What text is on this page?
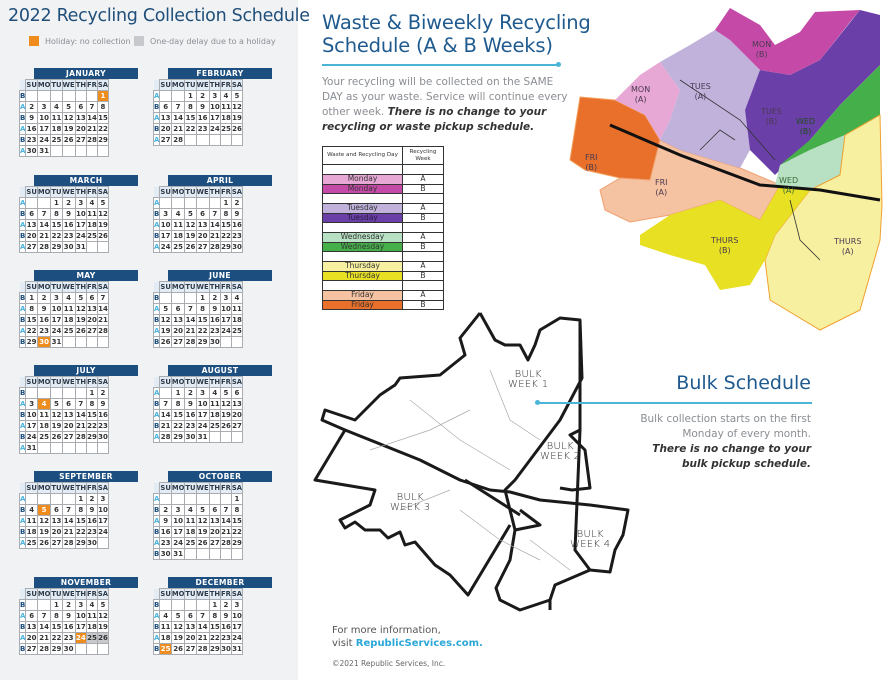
2022 Recycling Collection Schedule
Holiday: no collection One-day delay due to a holiday
JANUARY
	SU	MO	TU	WE	TH	FR	SA
B							1
A	2	3	4	5	6	7	8
B	9	10	11	12	13	14	15
A	16	17	18	19	20	21	22
B	23	24	25	26	27	28	29
A	30	31					
FEBRUARY
	SU	MO	TU	WE	TH	FR	SA
A			1	2	3	4	5
B	6	7	8	9	10	11	12
A	13	14	15	16	17	18	19
B	20	21	22	23	24	25	26
A	27	28					
MARCH
	SU	MO	TU	WE	TH	FR	SA
A			1	2	3	4	5
B	6	7	8	9	10	11	12
A	13	14	15	16	17	18	19
B	20	21	22	23	24	25	26
A	27	28	29	30	31		
APRIL
	SU	MO	TU	WE	TH	FR	SA
A						1	2
B	3	4	5	6	7	8	9
A	10	11	12	13	14	15	16
B	17	18	19	20	21	22	23
A	24	25	26	27	28	29	30
MAY
	SU	MO	TU	WE	TH	FR	SA
B	1	2	3	4	5	6	7
A	8	9	10	11	12	13	14
B	15	16	17	18	19	20	21
A	22	23	24	25	26	27	28
B	29	30	31				
JUNE
	SU	MO	TU	WE	TH	FR	SA
B				1	2	3	4
A	5	6	7	8	9	10	11
B	12	13	14	15	16	17	18
A	19	20	21	22	23	24	25
B	26	27	28	29	30		
JULY
	SU	MO	TU	WE	TH	FR	SA
B						1	2
A	3	4	5	6	7	8	9
B	10	11	12	13	14	15	16
A	17	18	19	20	21	22	23
B	24	25	26	27	28	29	30
A	31						
AUGUST
	SU	MO	TU	WE	TH	FR	SA
A		1	2	3	4	5	6
B	7	8	9	10	11	12	13
A	14	15	16	17	18	19	20
B	21	22	23	24	25	26	27
A	28	29	30	31			
SEPTEMBER
	SU	MO	TU	WE	TH	FR	SA
A					1	2	3
B	4	5	6	7	8	9	10
A	11	12	13	14	15	16	17
B	18	19	20	21	22	23	24
A	25	26	27	28	29	30	
OCTOBER
	SU	MO	TU	WE	TH	FR	SA
A							1
B	2	3	4	5	6	7	8
A	9	10	11	12	13	14	15
B	16	17	18	19	20	21	22
A	23	24	25	26	27	28	29
B	30	31					
NOVEMBER
	SU	MO	TU	WE	TH	FR	SA
B			1	2	3	4	5
A	6	7	8	9	10	11	12
B	13	14	15	16	17	18	19
A	20	21	22	23	24	25	26
B	27	28	29	30			
DECEMBER
	SU	MO	TU	WE	TH	FR	SA
B					1	2	3
A	4	5	6	7	8	9	10
B	11	12	13	14	15	16	17
A	18	19	20	21	22	23	24
B	25	26	27	28	29	30	31
Waste & Biweekly Recycling
Schedule (A & B Weeks)
Your recycling will be collected on the SAME DAY as your waste. Service will continue every other week. There is no change to your recycling or waste pickup schedule.
Waste and Recycling Day	Recycling Week

Monday	A
Monday	B

Tuesday	A
Tuesday	B

Wednesday	A
Wednesday	B

Thursday	A
Thursday	B

Friday	A
Friday	B
MON
(B)
MON
(A)
TUES
(A)
TUES
(B)	WED
(B)
WED
(A)
FRI
(B)
FRI
(A)
THURS
(B)
THURS
(A)
BULK
WEEK 1
BULK
WEEK 2
BULK
WEEK 3
BULK
WEEK 4
Bulk Schedule
Bulk collection starts on the first
Monday of every month.
There is no change to your
bulk pickup schedule.
For more information,
visit RepublicServices.com.
©2021 Republic Services, Inc.
